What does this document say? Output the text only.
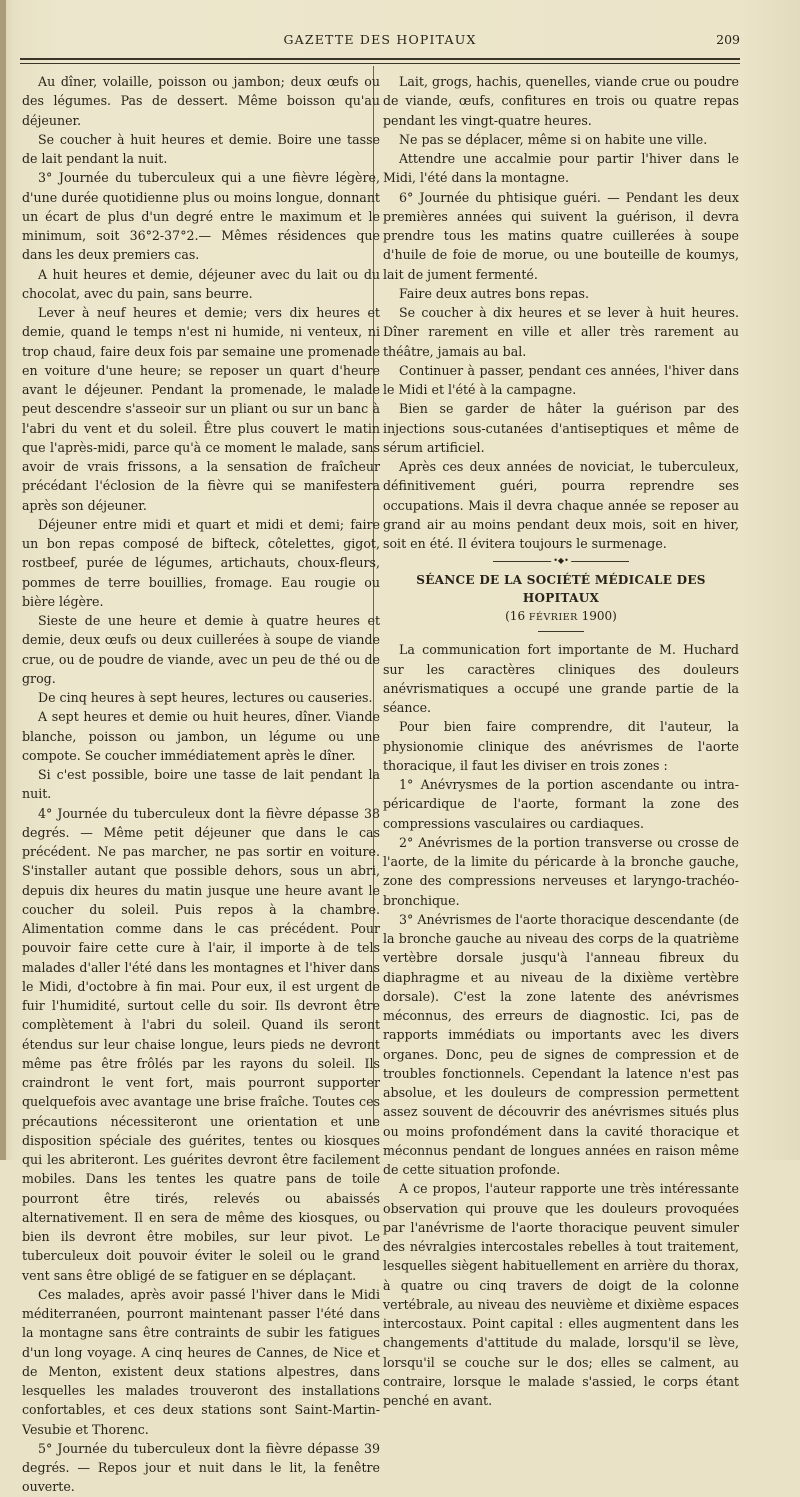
GAZETTE DES HOPITAUX	209

Au dîner, volaille, poisson ou jambon; deux œufs ou des légumes. Pas de dessert. Même boisson qu'au déjeuner.

Se coucher à huit heures et demie. Boire une tasse de lait pendant la nuit.

3° Journée du tuberculeux qui a une fièvre légère, d'une durée quotidienne plus ou moins longue, donnant un écart de plus d'un degré entre le maximum et le minimum, soit 36°2-37°2.— Mêmes résidences que dans les deux premiers cas.

A huit heures et demie, déjeuner avec du lait ou du chocolat, avec du pain, sans beurre.

Lever à neuf heures et demie; vers dix heures et demie, quand le temps n'est ni humide, ni venteux, ni trop chaud, faire deux fois par semaine une promenade en voiture d'une heure; se reposer un quart d'heure avant le déjeuner. Pendant la promenade, le malade peut descendre s'asseoir sur un pliant ou sur un banc à l'abri du vent et du soleil. Être plus couvert le matin que l'après-midi, parce qu'à ce moment le malade, sans avoir de vrais frissons, a la sensation de fraîcheur précédant l'éclosion de la fièvre qui se manifestera après son déjeuner.

Déjeuner entre midi et quart et midi et demi; faire un bon repas composé de bifteck, côtelettes, gigot, rostbeef, purée de légumes, artichauts, choux-fleurs, pommes de terre bouillies, fromage. Eau rougie ou bière légère.

Sieste de une heure et demie à quatre heures et demie, deux œufs ou deux cuillerées à soupe de viande crue, ou de poudre de viande, avec un peu de thé ou de grog.

De cinq heures à sept heures, lectures ou causeries.

A sept heures et demie ou huit heures, dîner. Viande blanche, poisson ou jambon, un légume ou une compote. Se coucher immédiatement après le dîner.

Si c'est possible, boire une tasse de lait pendant la nuit.

4° Journée du tuberculeux dont la fièvre dépasse 38 degrés. — Même petit déjeuner que dans le cas précédent. Ne pas marcher, ne pas sortir en voiture. S'installer autant que possible dehors, sous un abri, depuis dix heures du matin jusque une heure avant le coucher du soleil. Puis repos à la chambre. Alimentation comme dans le cas précédent. Pour pouvoir faire cette cure à l'air, il importe à de tels malades d'aller l'été dans les montagnes et l'hiver dans le Midi, d'octobre à fin mai. Pour eux, il est urgent de fuir l'humidité, surtout celle du soir. Ils devront être complètement à l'abri du soleil. Quand ils seront étendus sur leur chaise longue, leurs pieds ne devront même pas être frôlés par les rayons du soleil. Ils craindront le vent fort, mais pourront supporter quelquefois avec avantage une brise fraîche. Toutes ces précautions nécessiteront une orientation et une disposition spéciale des guérites, tentes ou kiosques qui les abriteront. Les guérites devront être facilement mobiles. Dans les tentes les quatre pans de toile pourront être tirés, relevés ou abaissés alternativement. Il en sera de même des kiosques, ou bien ils devront être mobiles, sur leur pivot. Le tuberculeux doit pouvoir éviter le soleil ou le grand vent sans être obligé de se fatiguer en se déplaçant.

Ces malades, après avoir passé l'hiver dans le Midi méditerranéen, pourront maintenant passer l'été dans la montagne sans être contraints de subir les fatigues d'un long voyage. A cinq heures de Cannes, de Nice et de Menton, existent deux stations alpestres, dans lesquelles les malades trouveront des installations confortables, et ces deux stations sont Saint-Martin-Vesubie et Thorenc.

5° Journée du tuberculeux dont la fièvre dépasse 39 degrés. — Repos jour et nuit dans le lit, la fenêtre ouverte.

Lait, grogs, hachis, quenelles, viande crue ou poudre de viande, œufs, confitures en trois ou quatre repas pendant les vingt-quatre heures.

Ne pas se déplacer, même si on habite une ville.

Attendre une accalmie pour partir l'hiver dans le Midi, l'été dans la montagne.

6° Journée du phtisique guéri. — Pendant les deux premières années qui suivent la guérison, il devra prendre tous les matins quatre cuillerées à soupe d'huile de foie de morue, ou une bouteille de koumys, lait de jument fermenté.

Faire deux autres bons repas.

Se coucher à dix heures et se lever à huit heures. Dîner rarement en ville et aller très rarement au théâtre, jamais au bal.

Continuer à passer, pendant ces années, l'hiver dans le Midi et l'été à la campagne.

Bien se garder de hâter la guérison par des injections sous-cutanées d'antiseptiques et même de sérum artificiel.

Après ces deux années de noviciat, le tuberculeux, définitivement guéri, pourra reprendre ses occupations. Mais il devra chaque année se reposer au grand air au moins pendant deux mois, soit en hiver, soit en été. Il évitera toujours le surmenage.

•◆•
SÉANCE DE LA SOCIÉTÉ MÉDICALE DES HOPITAUX
(16 FÉVRIER 1900)

La communication fort importante de M. Huchard sur les caractères cliniques des douleurs anévrismatiques a occupé une grande partie de la séance.

Pour bien faire comprendre, dit l'auteur, la physionomie clinique des anévrismes de l'aorte thoracique, il faut les diviser en trois zones :

1° Anévrysmes de la portion ascendante ou intra-péricardique de l'aorte, formant la zone des compressions vasculaires ou cardiaques.

2° Anévrismes de la portion transverse ou crosse de l'aorte, de la limite du péricarde à la bronche gauche, zone des compressions nerveuses et laryngo-trachéo-bronchique.

3° Anévrismes de l'aorte thoracique descendante (de la bronche gauche au niveau des corps de la quatrième vertèbre dorsale jusqu'à l'anneau fibreux du diaphragme et au niveau de la dixième vertèbre dorsale). C'est la zone latente des anévrismes méconnus, des erreurs de diagnostic. Ici, pas de rapports immédiats ou importants avec les divers organes. Donc, peu de signes de compression et de troubles fonctionnels. Cependant la latence n'est pas absolue, et les douleurs de compression permettent assez souvent de découvrir des anévrismes situés plus ou moins profondément dans la cavité thoracique et méconnus pendant de longues années en raison même de cette situation profonde.

A ce propos, l'auteur rapporte une très intéressante observation qui prouve que les douleurs provoquées par l'anévrisme de l'aorte thoracique peuvent simuler des névralgies intercostales rebelles à tout traitement, lesquelles siègent habituellement en arrière du thorax, à quatre ou cinq travers de doigt de la colonne vertébrale, au niveau des neuvième et dixième espaces intercostaux. Point capital : elles augmentent dans les changements d'attitude du malade, lorsqu'il se lève, lorsqu'il se couche sur le dos; elles se calment, au contraire, lorsque le malade s'assied, le corps étant penché en avant.
